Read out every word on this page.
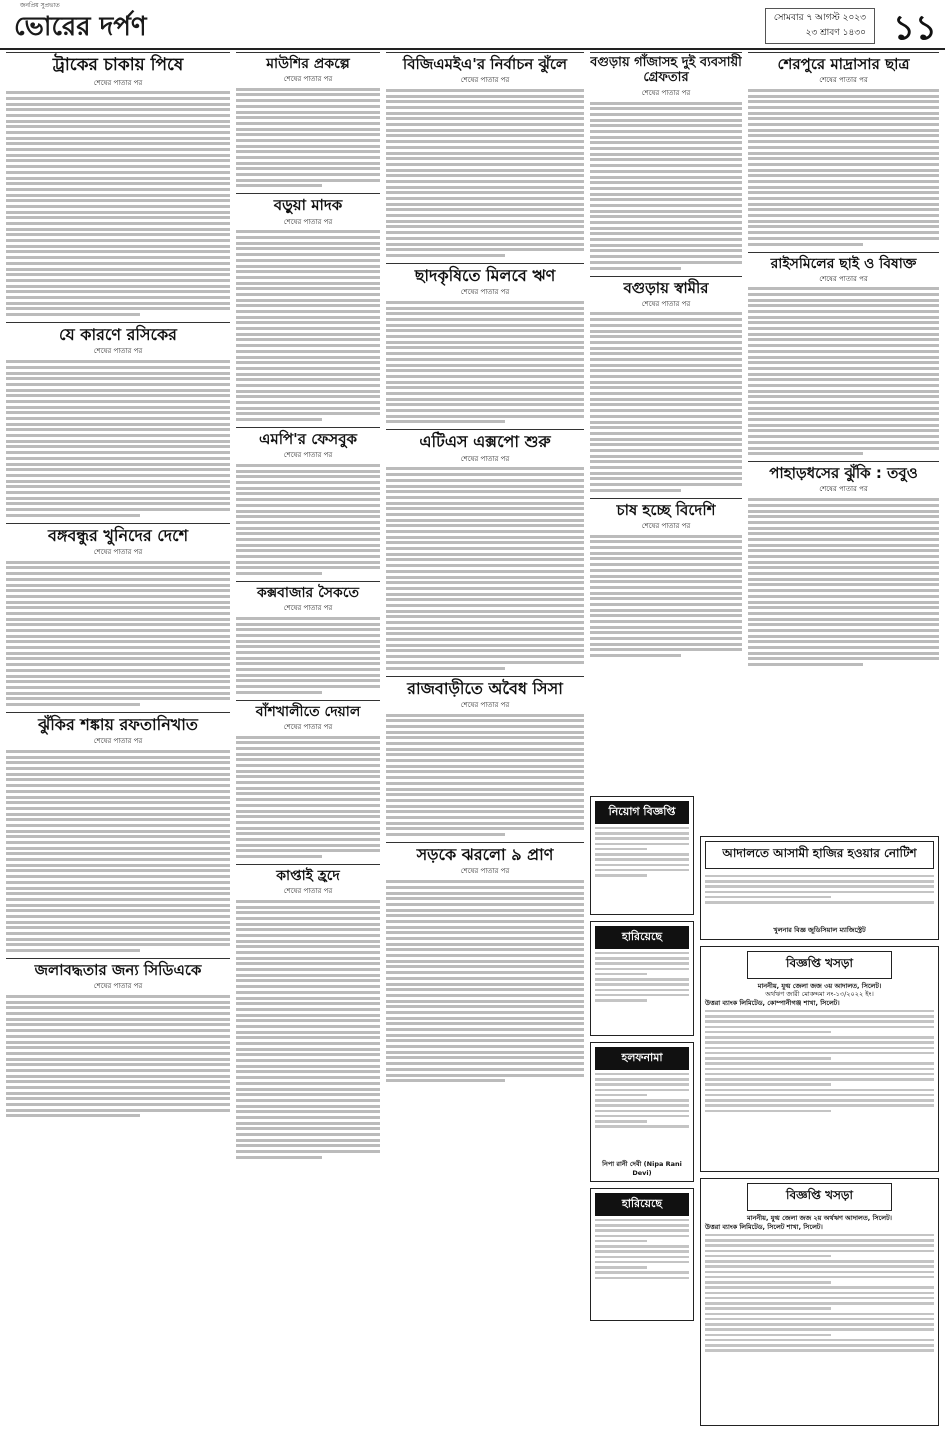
জনপ্রিয় সুপ্রভাত
ভোরের দর্পণ	সোমবার ৭ আগস্ট ২০২৩
২৩ শ্রাবণ ১৪৩০ ১১
ট্রাকের চাকায় পিষে
শেষের পাতার পর
যে কারণে রসিকের
শেষের পাতার পর
বঙ্গবন্ধুর খুনিদের দেশে
শেষের পাতার পর
ঝুঁকির শঙ্কায় রফতানিখাত
শেষের পাতার পর
জলাবদ্ধতার জন্য সিডিএকে
শেষের পাতার পর
মাউশির প্রকল্পে
শেষের পাতার পর
বড়ুয়া মাদক
শেষের পাতার পর
এমপি'র ফেসবুক
শেষের পাতার পর
কক্সবাজার সৈকতে
শেষের পাতার পর
বাঁশখালীতে দেয়াল
শেষের পাতার পর
কাপ্তাই হ্রদে
শেষের পাতার পর
বিজিএমইএ'র নির্বাচন ঝুঁলে
শেষের পাতার পর
ছাদকৃষিতে মিলবে ঋণ
শেষের পাতার পর
এটিএস এক্সপো শুরু
শেষের পাতার পর
রাজবাড়ীতে অবৈধ সিসা
শেষের পাতার পর
সড়কে ঝরলো ৯ প্রাণ
শেষের পাতার পর
বগুড়ায় গাঁজাসহ দুই ব্যবসায়ী গ্রেফতার
শেষের পাতার পর
বগুড়ায় স্বামীর
শেষের পাতার পর
চাষ হচ্ছে বিদেশি
শেষের পাতার পর
শেরপুরে মাদ্রাসার ছাত্র
শেষের পাতার পর
রাইসমিলের ছাই ও বিষাক্ত
শেষের পাতার পর
পাহাড়ধসের ঝুঁকি : তবুও
শেষের পাতার পর
নিয়োগ বিজ্ঞপ্তি
হারিয়েছে
হলফনামা
নিপা রানী দেবী (Nipa Rani Devi)
হারিয়েছে
আদালতে আসামী হাজির হওয়ার নোটিশ
খুলনার বিজ্ঞ জুডিসিয়াল ম্যাজিস্ট্রেট
বিজ্ঞপ্তি খসড়া
মাননীয়, যুগ্ম জেলা জজ ৩য় আদালত, সিলেট।
অর্থঋণ জারী মোকদ্দমা নং-১৩/২০২২ ইং।
উত্তরা ব্যাংক লিমিটেড, কোম্পানীগঞ্জ শাখা, সিলেট।
বিজ্ঞপ্তি খসড়া
মাননীয়, যুগ্ম জেলা জজ ২য় অর্থঋণ আদালত, সিলেট।
উত্তরা ব্যাংক লিমিটেড, সিলেট শাখা, সিলেট।
